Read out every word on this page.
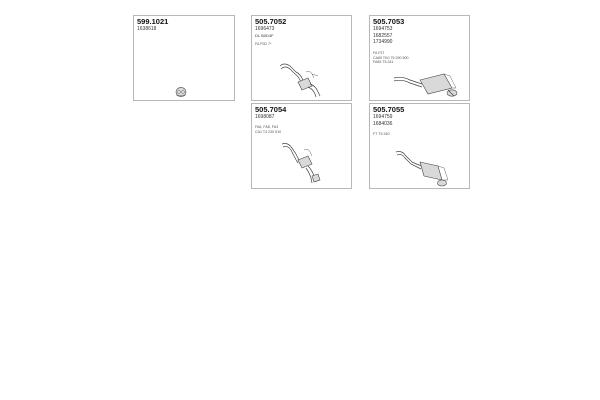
599.1021
1638618
505.7052
1696473
DL B0D4F
FA F0D 7*
505.7053
1694753
1682557
1734990
FA F37
CA89 TK0 75 290 500
FA89 T5.341
505.7054
1698087
FA6, FA8, FA3
CA1 T4 230 510
505.7055
1694759
1684036
FT T5.340
